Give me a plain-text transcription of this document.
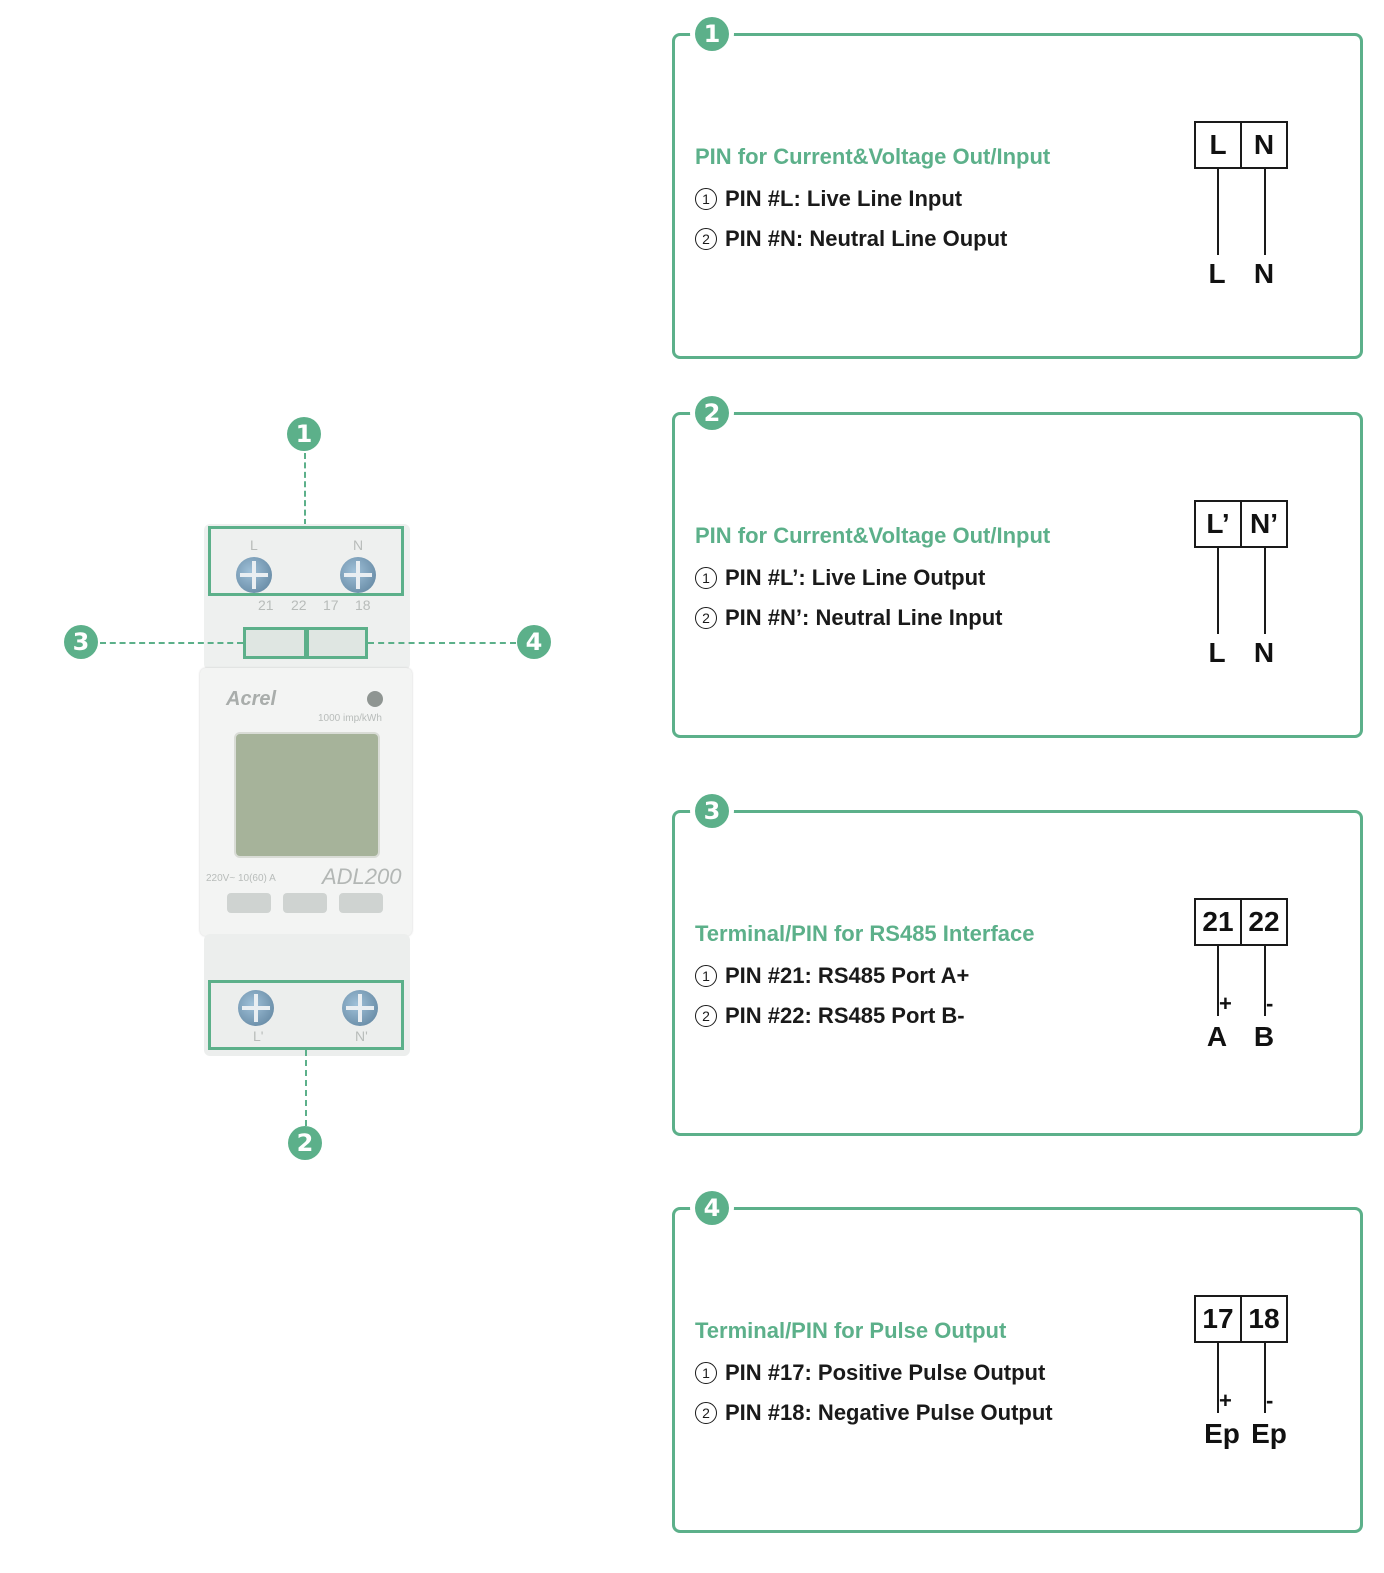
1
L	N
21 22 17 18
3	4
Acrel
1000 imp/kWh
220V~ 10(60) A ADL200
L'	N'
2
1
PIN for Current&Voltage Out/Input
1 PIN #L: Live Line Input
2 PIN #N: Neutral Line Ouput
L N
L	N
2
PIN for Current&Voltage Out/Input
1 PIN #L’: Live Line Output
2 PIN #N’: Neutral Line Input
L’ N’
L	N
3
Terminal/PIN for RS485 Interface
1 PIN #21: RS485 Port A+
2 PIN #22: RS485 Port B-
21 22
+
A
-
B
4
Terminal/PIN for Pulse Output
1 PIN #17: Positive Pulse Output
2 PIN #18: Negative Pulse Output
17 18
+
Ep
-
Ep
